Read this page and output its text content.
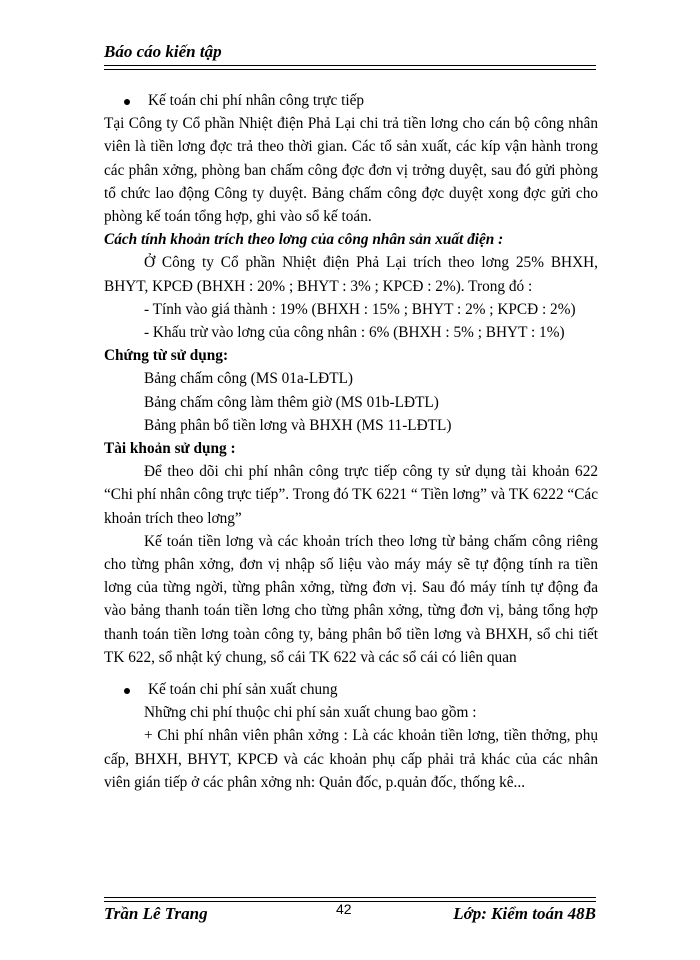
Báo cáo kiến tập

Kế toán chi phí nhân công trực tiếp

Tại Công ty Cổ phần Nhiệt điện Phả Lại chi trả tiền lơng cho cán bộ công nhân viên là tiền lơng đợc trả theo thời gian. Các tổ sản xuất, các kíp vận hành trong các phân xởng, phòng ban chấm công đợc đơn vị trởng duyệt, sau đó gửi phòng tổ chức lao động Công ty duyệt. Bảng chấm công đợc duyệt xong đợc gửi cho phòng kế toán tổng hợp, ghi vào sổ kế toán.

Cách tính khoản trích theo lơng của công nhân sản xuất điện :

Ở Công ty Cổ phần Nhiệt điện Phả Lại trích theo lơng 25% BHXH, BHYT, KPCĐ (BHXH : 20% ; BHYT : 3% ; KPCĐ : 2%). Trong đó :

- Tính vào giá thành : 19% (BHXH : 15% ; BHYT : 2% ; KPCĐ : 2%)

- Khấu trừ vào lơng của công nhân : 6% (BHXH : 5% ; BHYT : 1%)

Chứng từ sử dụng:

Bảng chấm công (MS 01a-LĐTL)

Bảng chấm công làm thêm giờ (MS 01b-LĐTL)

Bảng phân bổ tiền lơng và BHXH (MS 11-LĐTL)

Tài khoản sử dụng :

Để theo dõi chi phí nhân công trực tiếp công ty sử dụng tài khoản 622 “Chi phí nhân công trực tiếp”. Trong đó TK 6221 “ Tiền lơng” và TK 6222 “Các khoản trích theo lơng”

Kế toán tiền lơng và các khoản trích theo lơng từ bảng chấm công riêng cho từng phân xởng, đơn vị nhập số liệu vào máy máy sẽ tự động tính ra tiền lơng của từng ngời, từng phân xởng, từng đơn vị. Sau đó máy tính tự động đa vào bảng thanh toán tiền lơng cho từng phân xởng, từng đơn vị, bảng tổng hợp thanh toán tiền lơng toàn công ty, bảng phân bổ tiền lơng và BHXH, sổ chi tiết TK 622, sổ nhật ký chung, sổ cái TK 622 và các sổ cái có liên quan

Kế toán chi phí sản xuất chung

Những chi phí thuộc chi phí sản xuất chung bao gồm :

+ Chi phí nhân viên phân xởng : Là các khoản tiền lơng, tiền thởng, phụ cấp, BHXH, BHYT, KPCĐ và các khoản phụ cấp phải trả khác của các nhân viên gián tiếp ở các phân xởng nh: Quản đốc, p.quản đốc, thống kê...

Trần Lê Trang	42	Lớp: Kiểm toán 48B
